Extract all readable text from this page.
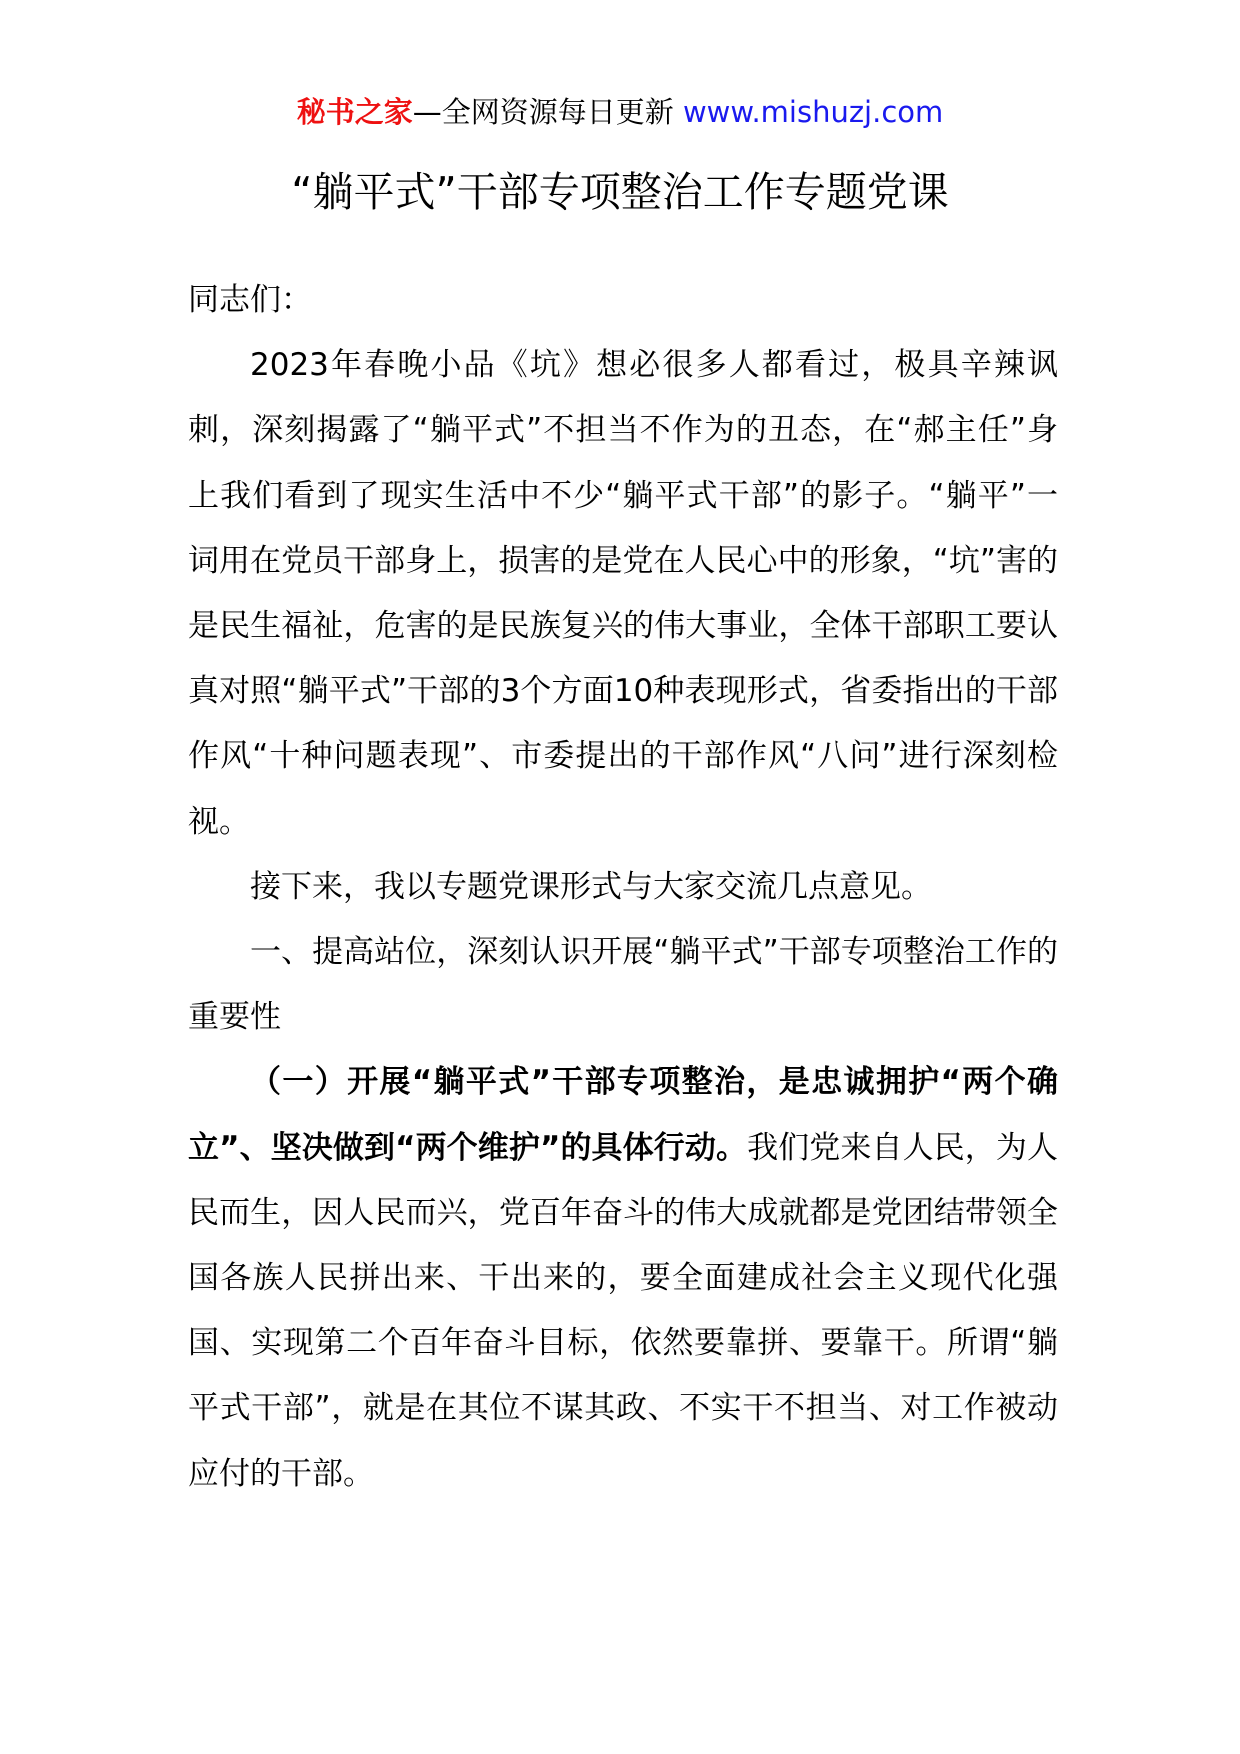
秘书之家—全网资源每日更新 www.mishuzj.com
“躺平式”干部专项整治工作专题党课

同志们：

2023年春晚小品《坑》想必很多人都看过，极具辛辣讽刺，深刻揭露了“躺平式”不担当不作为的丑态，在“郝主任”身上我们看到了现实生活中不少“躺平式干部”的影子。“躺平”一词用在党员干部身上，损害的是党在人民心中的形象，“坑”害的是民生福祉，危害的是民族复兴的伟大事业，全体干部职工要认真对照“躺平式”干部的3个方面10种表现形式，省委指出的干部作风“十种问题表现”、市委提出的干部作风“八问”进行深刻检视。

接下来，我以专题党课形式与大家交流几点意见。

一、提高站位，深刻认识开展“躺平式”干部专项整治工作的重要性

（一）开展“躺平式”干部专项整治，是忠诚拥护“两个确立”、坚决做到“两个维护”的具体行动。我们党来自人民，为人民而生，因人民而兴，党百年奋斗的伟大成就都是党团结带领全国各族人民拼出来、干出来的，要全面建成社会主义现代化强国、实现第二个百年奋斗目标，依然要靠拼、要靠干。所谓“躺平式干部”，就是在其位不谋其政、不实干不担当、对工作被动应付的干部。
